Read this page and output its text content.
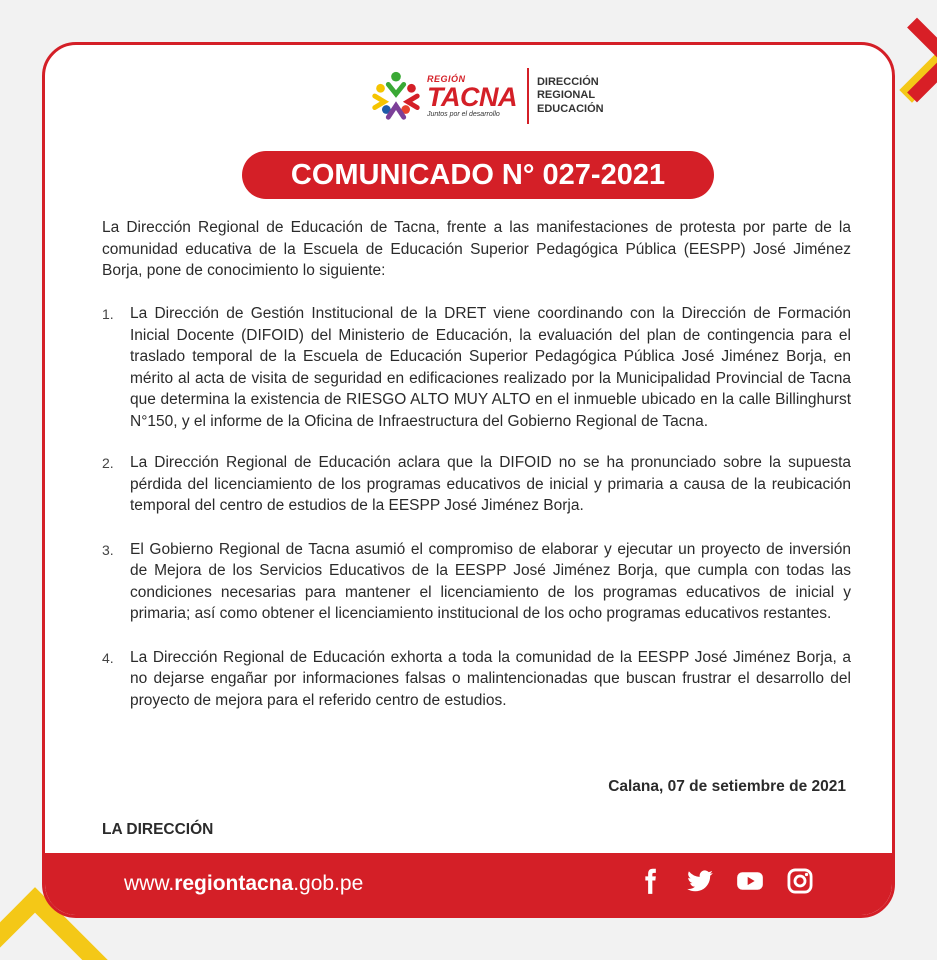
REGIÓN
TACNA
Juntos por el desarrollo
DIRECCIÓN
REGIONAL
EDUCACIÓN
COMUNICADO N° 027-2021

La Dirección Regional de Educación de Tacna, frente a las manifestaciones de protesta por parte de la comunidad educativa de la Escuela de Educación Superior Pedagógica Pública (EESPP) José Jiménez Borja, pone de conocimiento lo siguiente:

1.	La Dirección de Gestión Institucional de la DRET viene coordinando con la Dirección de Formación Inicial Docente (DIFOID) del Ministerio de Educación, la evaluación del plan de contingencia para el traslado temporal de la Escuela de Educación Superior Pedagógica Pública José Jiménez Borja, en mérito al acta de visita de seguridad en edificaciones realizado por la Municipalidad Provincial de Tacna que determina la existencia de RIESGO ALTO MUY ALTO en el inmueble ubicado en la calle Billinghurst N°150, y el informe de la Oficina de Infraestructura del Gobierno Regional de Tacna.

2.	La Dirección Regional de Educación aclara que la DIFOID no se ha pronunciado sobre la supuesta pérdida del licenciamiento de los programas educativos de inicial y primaria a causa de la reubicación temporal del centro de estudios de la EESPP José Jiménez Borja.

3.	El Gobierno Regional de Tacna asumió el compromiso de elaborar y ejecutar un proyecto de inversión de Mejora de los Servicios Educativos de la EESPP José Jiménez Borja, que cumpla con todas las condiciones necesarias para mantener el licenciamiento de los programas educativos de inicial y primaria; así como obtener el licenciamiento institucional de los ocho programas educativos restantes.

4.	La Dirección Regional de Educación exhorta a toda la comunidad de la EESPP José Jiménez Borja, a no dejarse engañar por informaciones falsas o malintencionadas que buscan frustrar el desarrollo del proyecto de mejora para el referido centro de estudios.

Calana, 07 de setiembre de 2021
LA DIRECCIÓN
www.regiontacna.gob.pe
